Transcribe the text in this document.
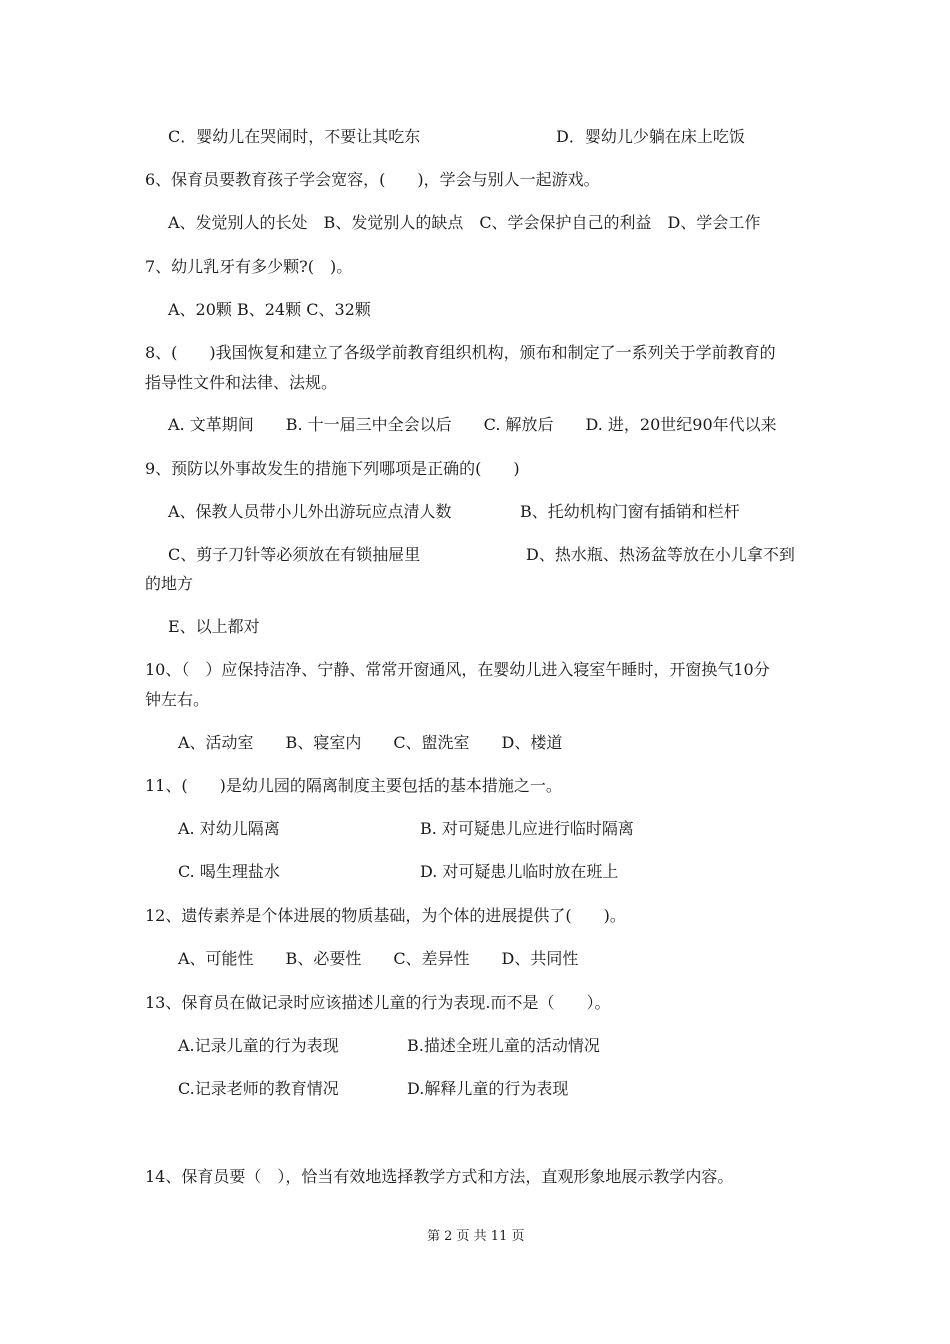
C．婴幼儿在哭闹时，不要让其吃东	D．婴幼儿少躺在床上吃饭
6、保育员要教育孩子学会宽容，(　　)，学会与别人一起游戏。
A、发觉别人的长处　B、发觉别人的缺点　C、学会保护自己的利益　D、学会工作
7、幼儿乳牙有多少颗?(　)。
A、20颗 B、24颗 C、32颗
8、(　　)我国恢复和建立了各级学前教育组织机构，颁布和制定了一系列关于学前教育的
指导性文件和法律、法规。
A. 文革期间　　B. 十一届三中全会以后　　C. 解放后　　D. 进，20世纪90年代以来
9、预防以外事故发生的措施下列哪项是正确的(　　)
A、保教人员带小儿外出游玩应点清人数	B、托幼机构门窗有插销和栏杆
C、剪子刀针等必须放在有锁抽屉里	D、热水瓶、热汤盆等放在小儿拿不到
的地方
E、以上都对
10、（　）应保持洁净、宁静、常常开窗通风，在婴幼儿进入寝室午睡时，开窗换气10分
钟左右。
A、活动室　　B、寝室内　　C、盥洗室　　D、楼道
11、(　　)是幼儿园的隔离制度主要包括的基本措施之一。
A. 对幼儿隔离	B. 对可疑患儿应进行临时隔离
C. 喝生理盐水	D. 对可疑患儿临时放在班上
12、遗传素养是个体进展的物质基础，为个体的进展提供了(　　)。
A、可能性　　B、必要性　　C、差异性　　D、共同性
13、保育员在做记录时应该描述儿童的行为表现.而不是（　　）。
A.记录儿童的行为表现	B.描述全班儿童的活动情况
C.记录老师的教育情况	D.解释儿童的行为表现
14、保育员要（　），恰当有效地选择教学方式和方法，直观形象地展示教学内容。
第 2 页 共 11 页
